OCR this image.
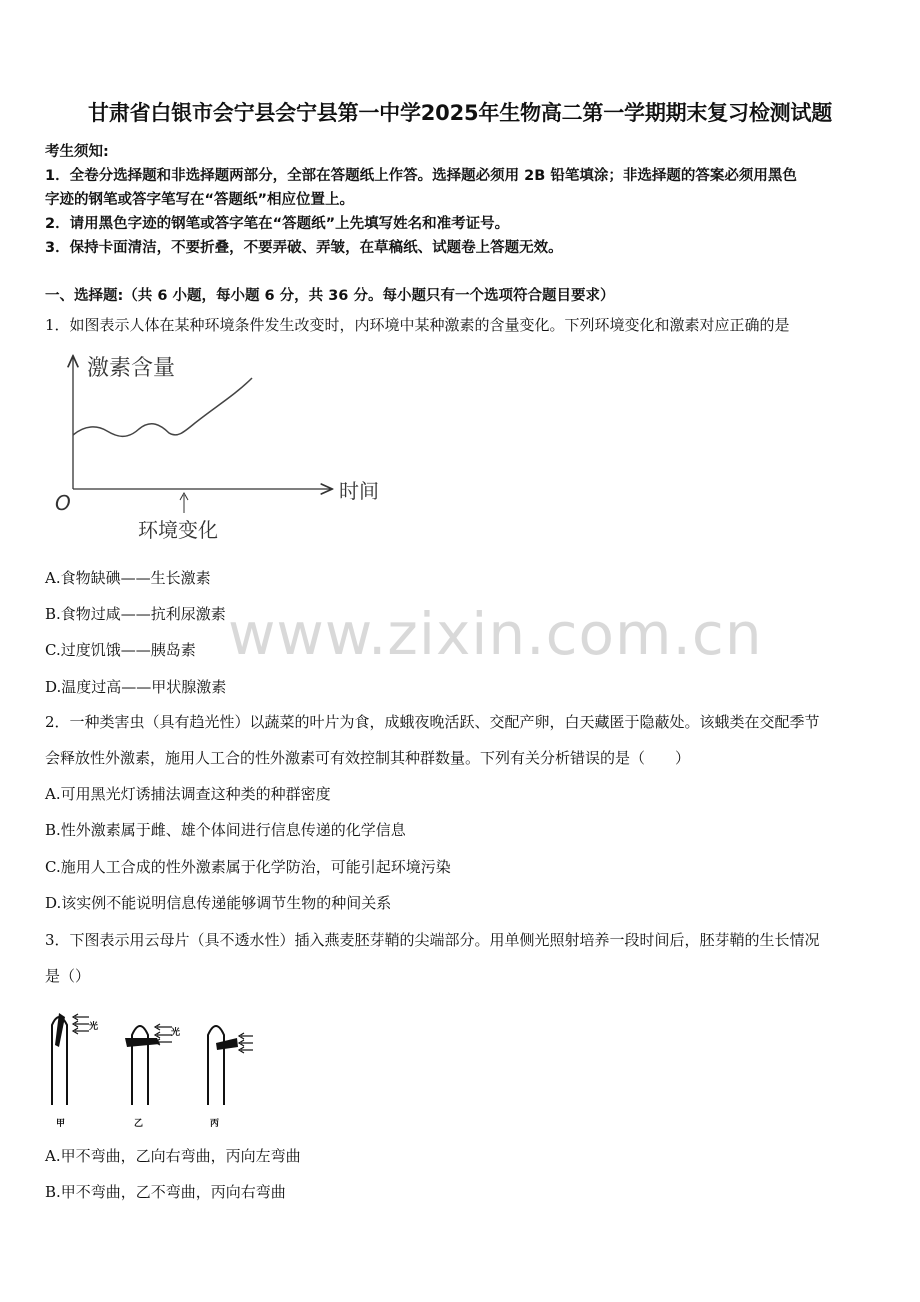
甘肃省白银市会宁县会宁县第一中学2025年生物高二第一学期期末复习检测试题
考生须知:
1．全卷分选择题和非选择题两部分，全部在答题纸上作答。选择题必须用 2B 铅笔填涂；非选择题的答案必须用黑色
字迹的钢笔或答字笔写在“答题纸”相应位置上。
2．请用黑色字迹的钢笔或答字笔在“答题纸”上先填写姓名和准考证号。
3．保持卡面清洁，不要折叠，不要弄破、弄皱，在草稿纸、试题卷上答题无效。
一、选择题:（共 6 小题，每小题 6 分，共 36 分。每小题只有一个选项符合题目要求）
1．如图表示人体在某种环境条件发生改变时，内环境中某种激素的含量变化。下列环境变化和激素对应正确的是
激素含量
时间
O
环境变化
A.食物缺碘——生长激素
B.食物过咸——抗利尿激素
C.过度饥饿——胰岛素
D.温度过高——甲状腺激素
2．一种类害虫（具有趋光性）以蔬菜的叶片为食，成蛾夜晚活跃、交配产卵，白天藏匿于隐蔽处。该蛾类在交配季节
会释放性外激素，施用人工合的性外激素可有效控制其种群数量。下列有关分析错误的是（　　）
A.可用黑光灯诱捕法调查这种类的种群密度
B.性外激素属于雌、雄个体间进行信息传递的化学信息
C.施用人工合成的性外激素属于化学防治，可能引起环境污染
D.该实例不能说明信息传递能够调节生物的种间关系
3．下图表示用云母片（具不透水性）插入燕麦胚芽鞘的尖端部分。用单侧光照射培养一段时间后，胚芽鞘的生长情况
是（）
光
甲
光
乙	丙
A.甲不弯曲，乙向右弯曲，丙向左弯曲
B.甲不弯曲，乙不弯曲，丙向右弯曲
www.zixin.com.cn
